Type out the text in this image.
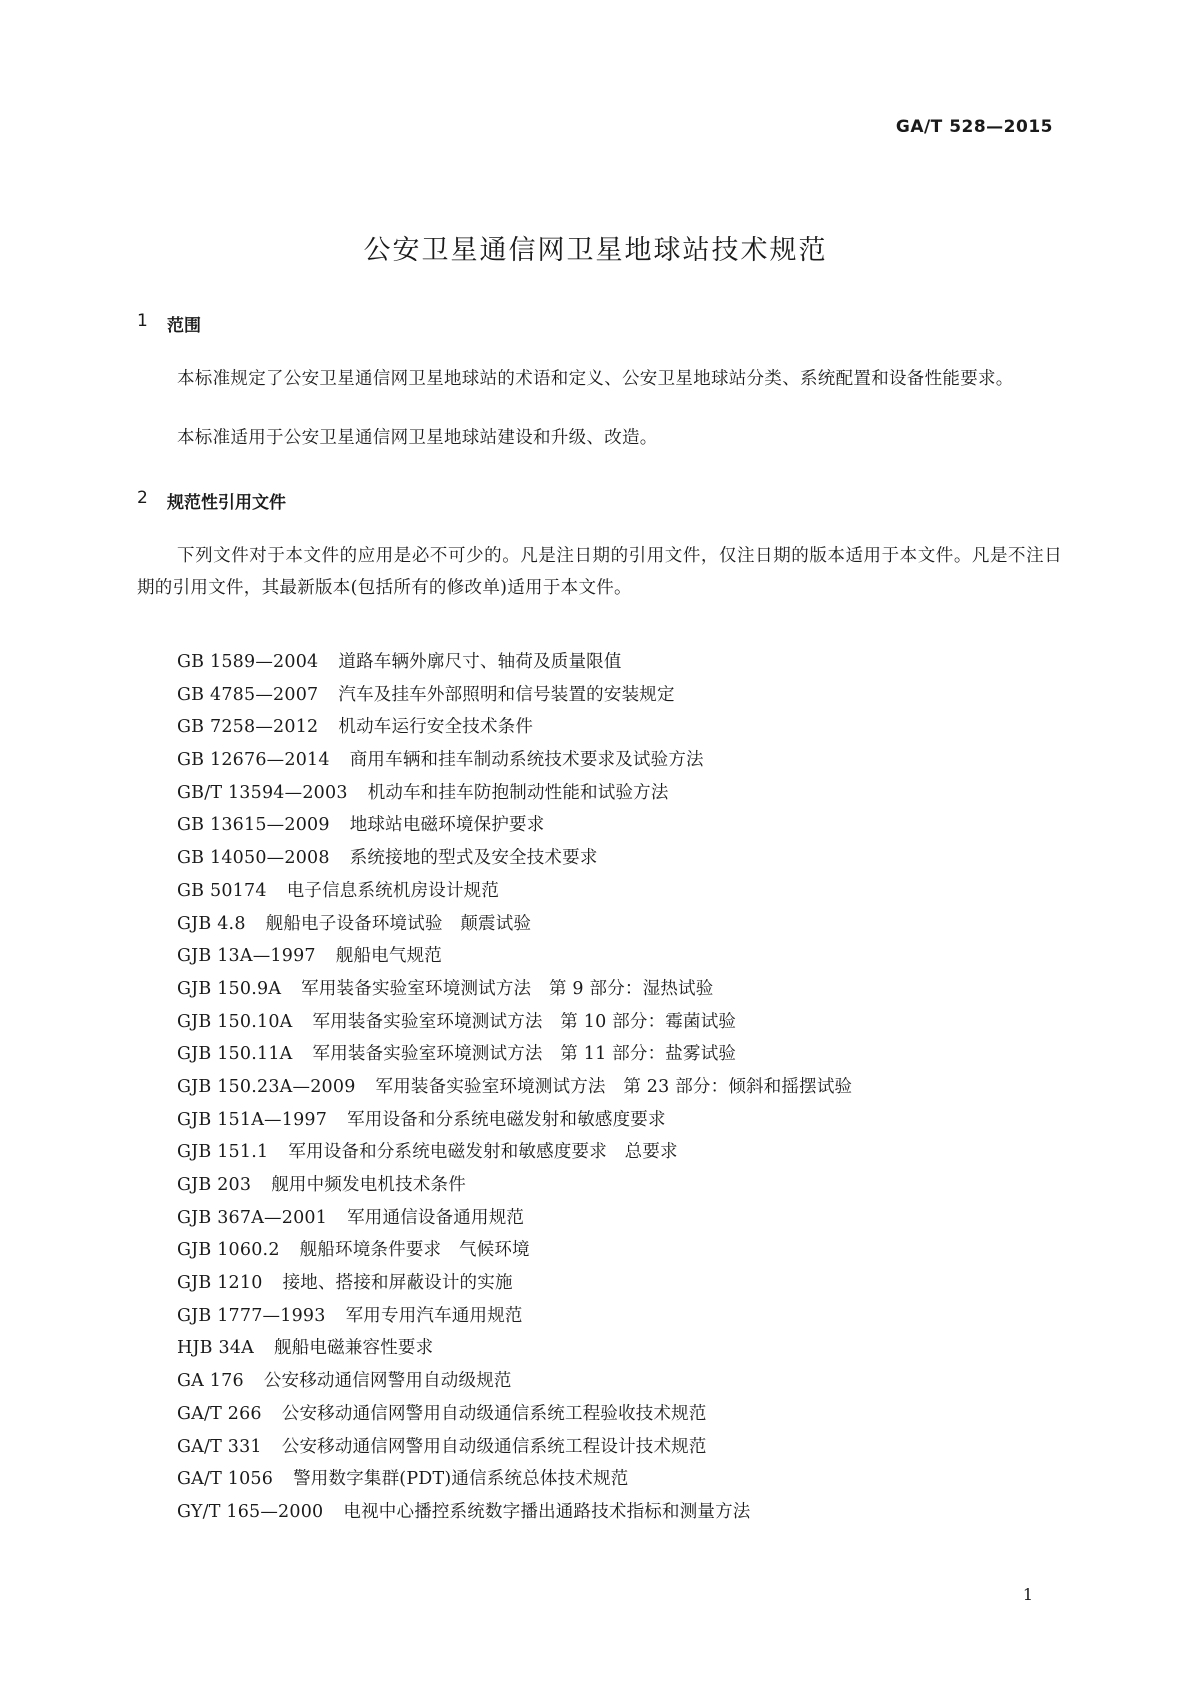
GA/T 528—2015
公安卫星通信网卫星地球站技术规范
1	范围

本标准规定了公安卫星通信网卫星地球站的术语和定义、公安卫星地球站分类、系统配置和设备性能要求。

本标准适用于公安卫星通信网卫星地球站建设和升级、改造。

2	规范性引用文件

下列文件对于本文件的应用是必不可少的。凡是注日期的引用文件，仅注日期的版本适用于本文件。凡是不注日期的引用文件，其最新版本(包括所有的修改单)适用于本文件。

GB 1589—2004 道路车辆外廓尺寸、轴荷及质量限值
GB 4785—2007 汽车及挂车外部照明和信号装置的安装规定
GB 7258—2012 机动车运行安全技术条件
GB 12676—2014 商用车辆和挂车制动系统技术要求及试验方法
GB/T 13594—2003 机动车和挂车防抱制动性能和试验方法
GB 13615—2009 地球站电磁环境保护要求
GB 14050—2008 系统接地的型式及安全技术要求
GB 50174 电子信息系统机房设计规范
GJB 4.8 舰船电子设备环境试验　颠震试验
GJB 13A—1997 舰船电气规范
GJB 150.9A 军用装备实验室环境测试方法　第 9 部分：湿热试验
GJB 150.10A 军用装备实验室环境测试方法　第 10 部分：霉菌试验
GJB 150.11A 军用装备实验室环境测试方法　第 11 部分：盐雾试验
GJB 150.23A—2009 军用装备实验室环境测试方法　第 23 部分：倾斜和摇摆试验
GJB 151A—1997 军用设备和分系统电磁发射和敏感度要求
GJB 151.1 军用设备和分系统电磁发射和敏感度要求　总要求
GJB 203 舰用中频发电机技术条件
GJB 367A—2001 军用通信设备通用规范
GJB 1060.2 舰船环境条件要求　气候环境
GJB 1210 接地、搭接和屏蔽设计的实施
GJB 1777—1993 军用专用汽车通用规范
HJB 34A 舰船电磁兼容性要求
GA 176 公安移动通信网警用自动级规范
GA/T 266 公安移动通信网警用自动级通信系统工程验收技术规范
GA/T 331 公安移动通信网警用自动级通信系统工程设计技术规范
GA/T 1056 警用数字集群(PDT)通信系统总体技术规范
GY/T 165—2000 电视中心播控系统数字播出通路技术指标和测量方法
1
